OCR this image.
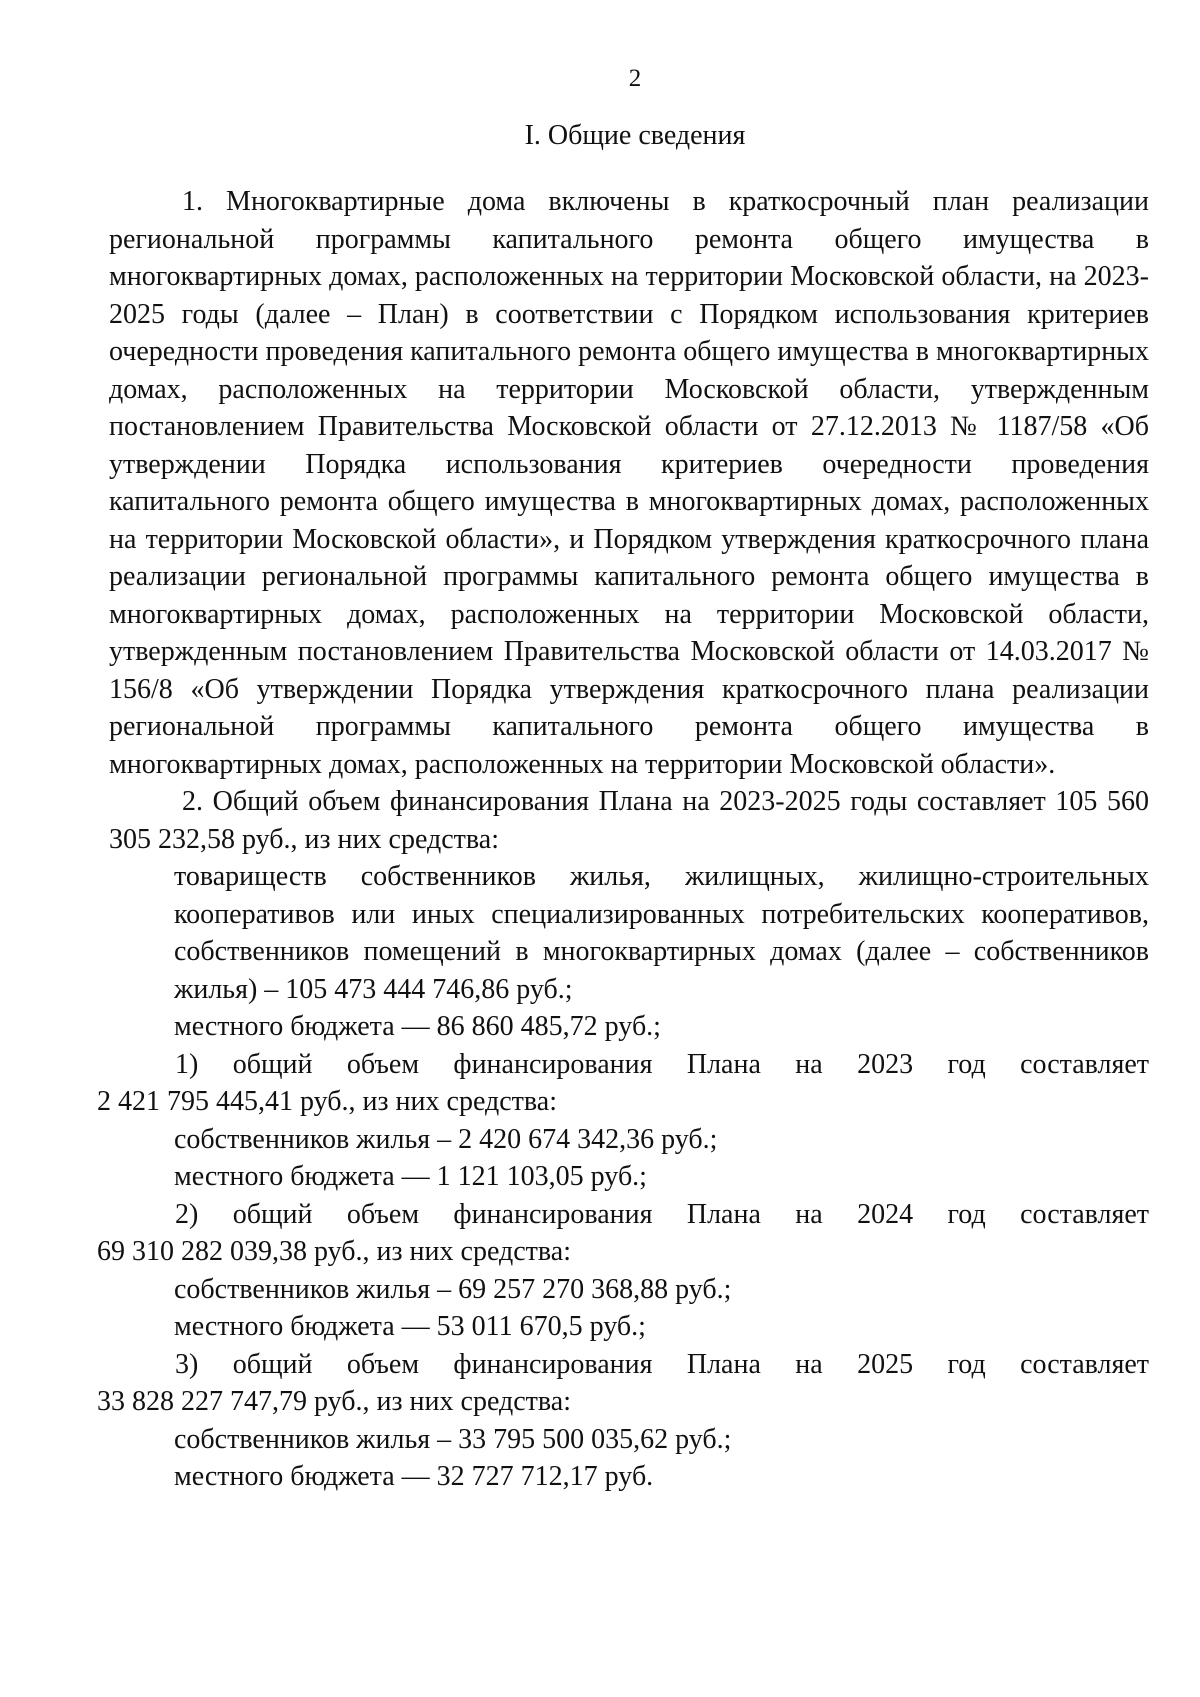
2
I. Общие сведения

1. Многоквартирные дома включены в краткосрочный план реализации региональной программы капитального ремонта общего имущества в многоквартирных домах, расположенных на территории Московской области, на 2023-2025 годы (далее – План) в соответствии с Порядком использования критериев очередности проведения капитального ремонта общего имущества в многоквартирных домах, расположенных на территории Московской области, утвержденным постановлением Правительства Московской области от 27.12.2013 № 1187/58 «Об утверждении Порядка использования критериев очередности проведения капитального ремонта общего имущества в многоквартирных домах, расположенных на территории Московской области», и Порядком утверждения краткосрочного плана реализации региональной программы капитального ремонта общего имущества в многоквартирных домах, расположенных на территории Московской области, утвержденным постановлением Правительства Московской области от 14.03.2017 № 156/8 «Об утверждении Порядка утверждения краткосрочного плана реализации региональной программы капитального ремонта общего имущества в многоквартирных домах, расположенных на территории Московской области».

2. Общий объем финансирования Плана на 2023-2025 годы составляет 105 560 305 232,58 руб., из них средства:

товариществ собственников жилья, жилищных, жилищно-строительных кооперативов или иных специализированных потребительских кооперативов, собственников помещений в многоквартирных домах (далее – собственников жилья) – 105 473 444 746,86 руб.;

местного бюджета — 86 860 485,72 руб.;

1) общий объем финансирования Плана на 2023 год составляет

2 421 795 445,41 руб., из них средства:

собственников жилья – 2 420 674 342,36 руб.;

местного бюджета — 1 121 103,05 руб.;

2) общий объем финансирования Плана на 2024 год составляет

69 310 282 039,38 руб., из них средства:

собственников жилья – 69 257 270 368,88 руб.;

местного бюджета — 53 011 670,5 руб.;

3) общий объем финансирования Плана на 2025 год составляет

33 828 227 747,79 руб., из них средства:

собственников жилья – 33 795 500 035,62 руб.;

местного бюджета — 32 727 712,17 руб.
